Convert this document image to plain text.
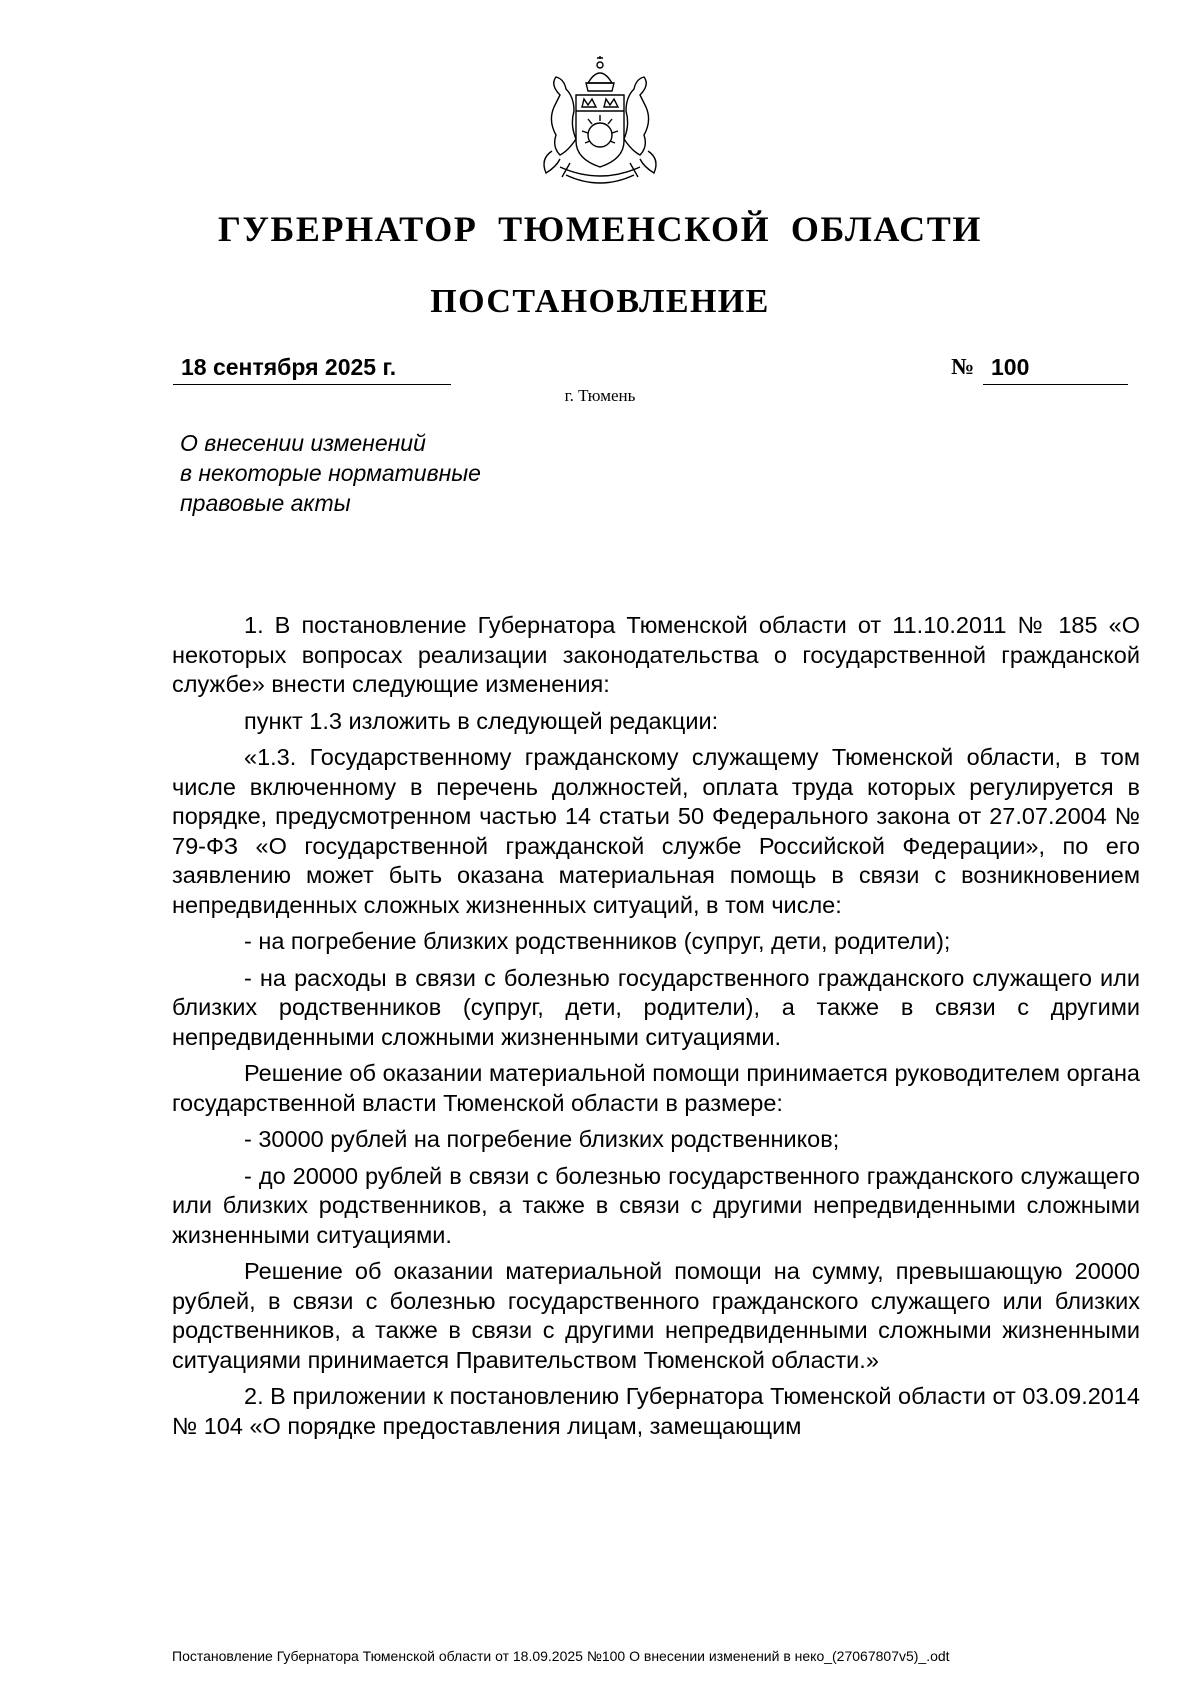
ГУБЕРНАТОР ТЮМЕНСКОЙ ОБЛАСТИ
ПОСТАНОВЛЕНИЕ
18 сентября 2025 г.	№ 100
г. Тюмень
О внесении изменений
в некоторые нормативные
правовые акты

1. В постановление Губернатора Тюменской области от 11.10.2011 № 185 «О некоторых вопросах реализации законодательства о государственной гражданской службе» внести следующие изменения:

пункт 1.3 изложить в следующей редакции:

«1.3. Государственному гражданскому служащему Тюменской области, в том числе включенному в перечень должностей, оплата труда которых регулируется в порядке, предусмотренном частью 14 статьи 50 Федерального закона от 27.07.2004 № 79-ФЗ «О государственной гражданской службе Российской Федерации», по его заявлению может быть оказана материальная помощь в связи с возникновением непредвиденных сложных жизненных ситуаций, в том числе:

- на погребение близких родственников (супруг, дети, родители);

- на расходы в связи с болезнью государственного гражданского служащего или близких родственников (супруг, дети, родители), а также в связи с другими непредвиденными сложными жизненными ситуациями.

Решение об оказании материальной помощи принимается руководителем органа государственной власти Тюменской области в размере:

- 30000 рублей на погребение близких родственников;

- до 20000 рублей в связи с болезнью государственного гражданского служащего или близких родственников, а также в связи с другими непредвиденными сложными жизненными ситуациями.

Решение об оказании материальной помощи на сумму, превышающую 20000 рублей, в связи с болезнью государственного гражданского служащего или близких родственников, а также в связи с другими непредвиденными сложными жизненными ситуациями принимается Правительством Тюменской области.»

2. В приложении к постановлению Губернатора Тюменской области от 03.09.2014 № 104 «О порядке предоставления лицам, замещающим

Постановление Губернатора Тюменской области от 18.09.2025 №100 О внесении изменений в неко_(27067807v5)_.odt
